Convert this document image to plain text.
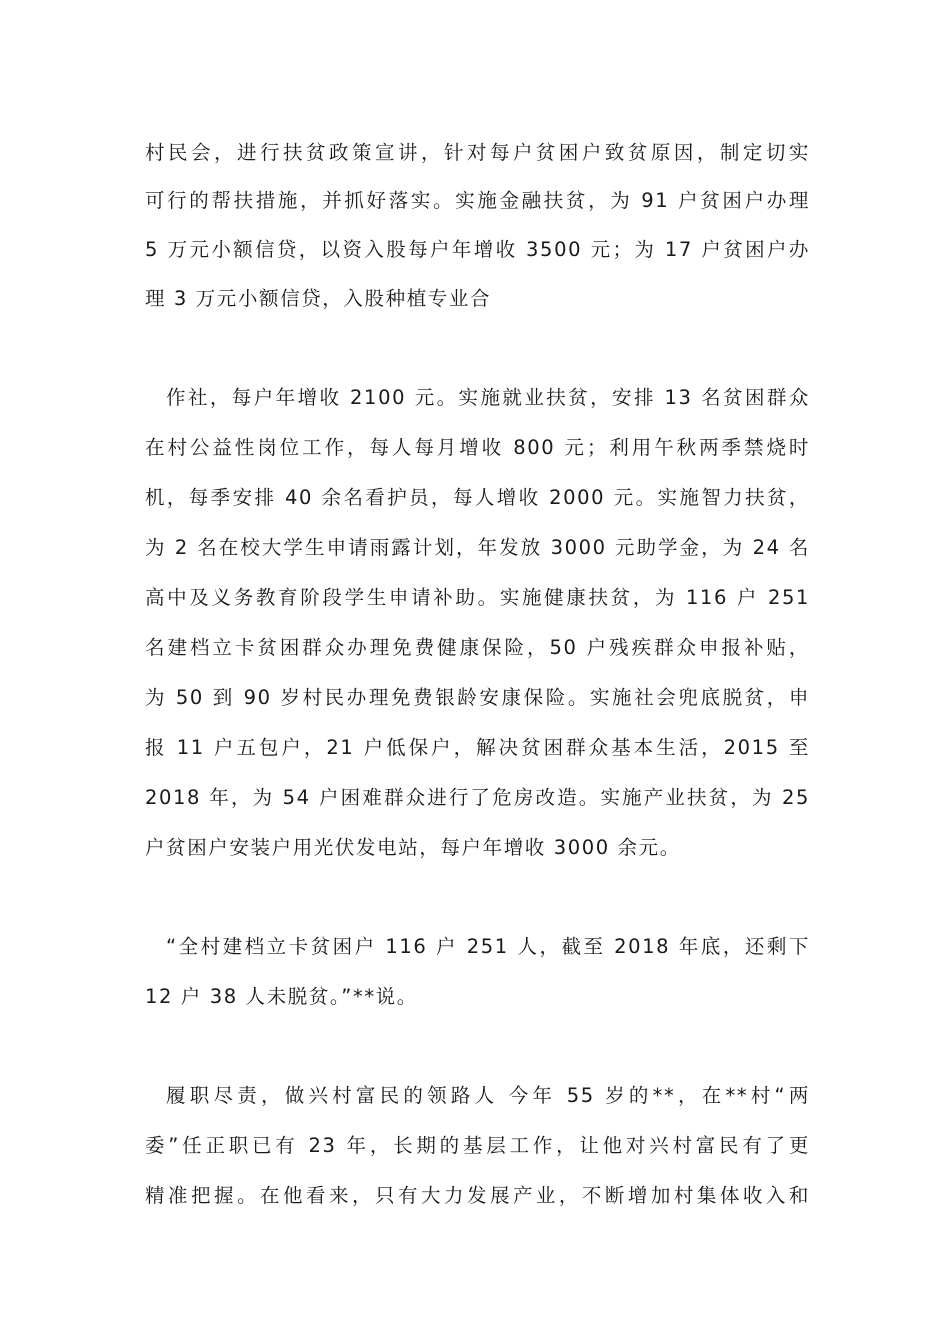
村民会，进行扶贫政策宣讲，针对每户贫困户致贫原因，制定切实
可行的帮扶措施，并抓好落实。实施金融扶贫，为 91 户贫困户办理
5 万元小额信贷，以资入股每户年增收 3500 元；为 17 户贫困户办
理 3 万元小额信贷，入股种植专业合
作社，每户年增收 2100 元。实施就业扶贫，安排 13 名贫困群众
在村公益性岗位工作，每人每月增收 800 元；利用午秋两季禁烧时
机，每季安排 40 余名看护员，每人增收 2000 元。实施智力扶贫，
为 2 名在校大学生申请雨露计划，年发放 3000 元助学金，为 24 名
高中及义务教育阶段学生申请补助。实施健康扶贫，为 116 户 251
名建档立卡贫困群众办理免费健康保险，50 户残疾群众申报补贴，
为 50 到 90 岁村民办理免费银龄安康保险。实施社会兜底脱贫，申
报 11 户五包户，21 户低保户，解决贫困群众基本生活，2015 至
2018 年，为 54 户困难群众进行了危房改造。实施产业扶贫，为 25
户贫困户安装户用光伏发电站，每户年增收 3000 余元。
“全村建档立卡贫困户 116 户 251 人，截至 2018 年底，还剩下
12 户 38 人未脱贫。”**说。
履职尽责，做兴村富民的领路人 今年 55 岁的**，在**村“两
委”任正职已有 23 年，长期的基层工作，让他对兴村富民有了更
精准把握。在他看来，只有大力发展产业，不断增加村集体收入和
